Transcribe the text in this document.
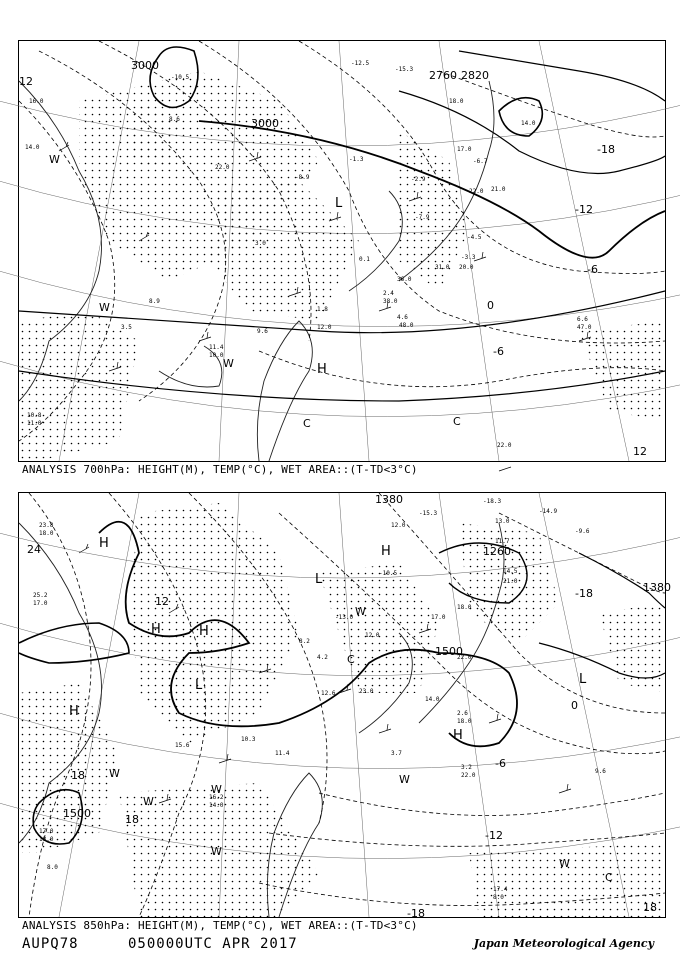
3000
3000
2760 2820
-18
-12
-6
0
-6
12
12
L
H
W
W
W
C	C
16.0
14.0
-10.5
22.0
-8.9
8.6
-12.5
-15.3
18.0
14.0
17.0
22.0
-2.9
-6.7
21.0
-1.3
-7.9
20.0
3.0
-3.3
-4.5
31.0
36.0
0.1
38.0
2.4
4.6
48.0
6.6
47.0
1.8
12.0
9.6
11.4
10.0
8.9
3.5
10.8
11.0
22.0
ANALYSIS 700hPa: HEIGHT(M), TEMP(°C), WET AREA::(T-TD<3°C)
1380
1500
1500
1260
1380
24
12
18
18
-18
-12
-6
0
-18	18
H
H	H
H
H
L
L
L
H
W
W
W
W
W
W
W
C
C
23.8
18.0
-18.3
-15.3	-14.9
12.0
-10.5
13.0
11.7
21.0
14.5
18.0
17.0
22.0
-9.6
-13.0
12.0
8.2
4.2
23.0
14.0
2.6
18.0
3.2
22.0
9.6
11.4
10.3
15.6
17.4
8.0
16.2
14.0
17.0
18.0
8.0
3.7
12.6
25.2
17.0
ANALYSIS 850hPa: HEIGHT(M), TEMP(°C), WET AREA::(T-TD<3°C)
AUPQ78	050000UTC APR 2017	Japan Meteorological Agency
